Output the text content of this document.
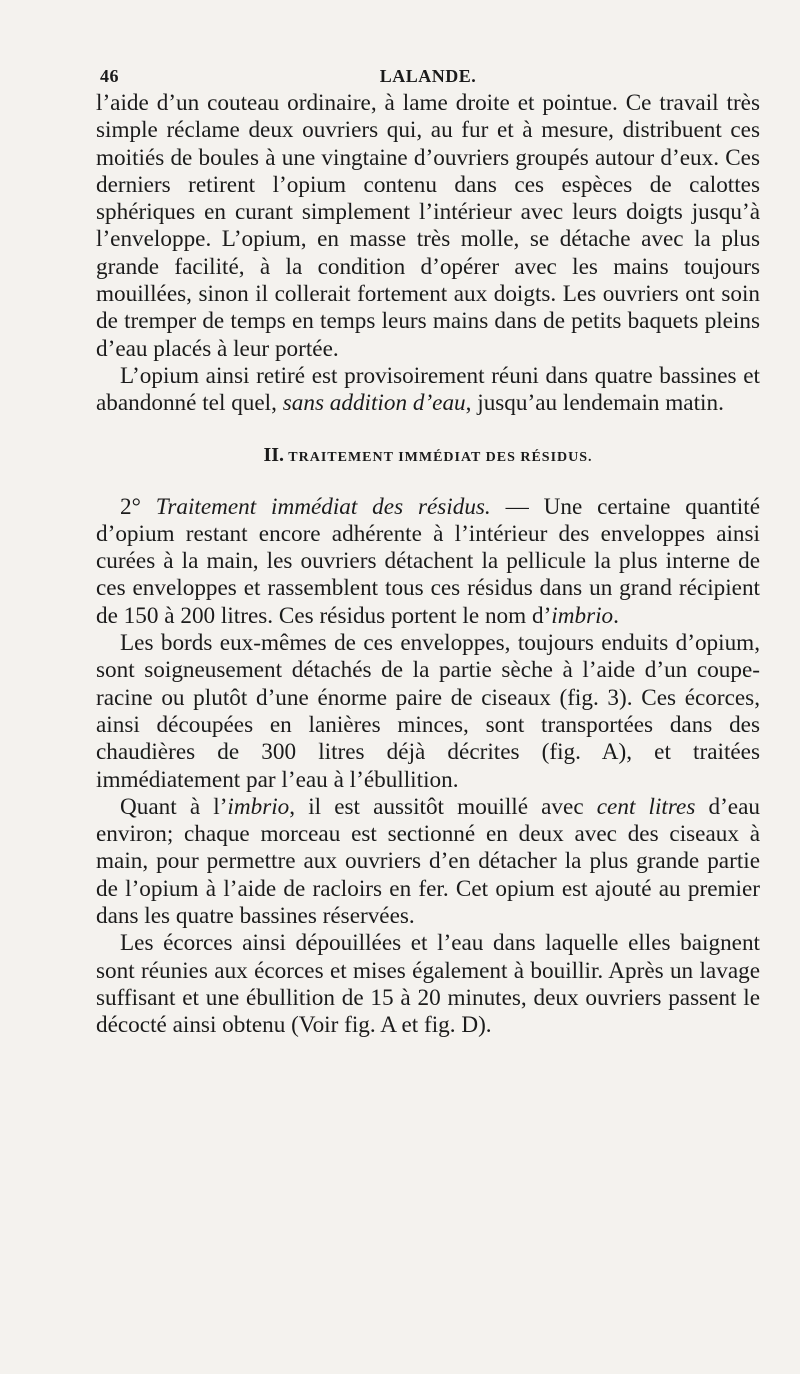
46	LALANDE.

l’aide d’un couteau ordinaire, à lame droite et pointue. Ce travail très simple réclame deux ouvriers qui, au fur et à mesure, distribuent ces moitiés de boules à une vingtaine d’ouvriers groupés autour d’eux. Ces derniers retirent l’opium contenu dans ces espèces de calottes sphériques en curant simplement l’intérieur avec leurs doigts jusqu’à l’enveloppe. L’opium, en masse très molle, se détache avec la plus grande facilité, à la condition d’opérer avec les mains toujours mouillées, sinon il collerait fortement aux doigts. Les ouvriers ont soin de tremper de temps en temps leurs mains dans de petits baquets pleins d’eau placés à leur portée.

L’opium ainsi retiré est provisoirement réuni dans quatre bassines et abandonné tel quel, sans addition d’eau, jusqu’au lendemain matin.

II. TRAITEMENT IMMÉDIAT DES RÉSIDUS.

2° Traitement immédiat des résidus. — Une certaine quantité d’opium restant encore adhérente à l’intérieur des enveloppes ainsi curées à la main, les ouvriers détachent la pellicule la plus interne de ces enveloppes et rassemblent tous ces résidus dans un grand récipient de 150 à 200 litres. Ces résidus portent le nom d’imbrio.

Les bords eux-mêmes de ces enveloppes, toujours enduits d’opium, sont soigneusement détachés de la partie sèche à l’aide d’un coupe-racine ou plutôt d’une énorme paire de ciseaux (fig. 3). Ces écorces, ainsi découpées en lanières minces, sont transportées dans des chaudières de 300 litres déjà décrites (fig. A), et traitées immédiatement par l’eau à l’ébullition.

Quant à l’imbrio, il est aussitôt mouillé avec cent litres d’eau environ; chaque morceau est sectionné en deux avec des ciseaux à main, pour permettre aux ouvriers d’en détacher la plus grande partie de l’opium à l’aide de racloirs en fer. Cet opium est ajouté au premier dans les quatre bassines réservées.

Les écorces ainsi dépouillées et l’eau dans laquelle elles baignent sont réunies aux écorces et mises également à bouillir. Après un lavage suffisant et une ébullition de 15 à 20 minutes, deux ouvriers passent le décocté ainsi obtenu (Voir fig. A et fig. D).
